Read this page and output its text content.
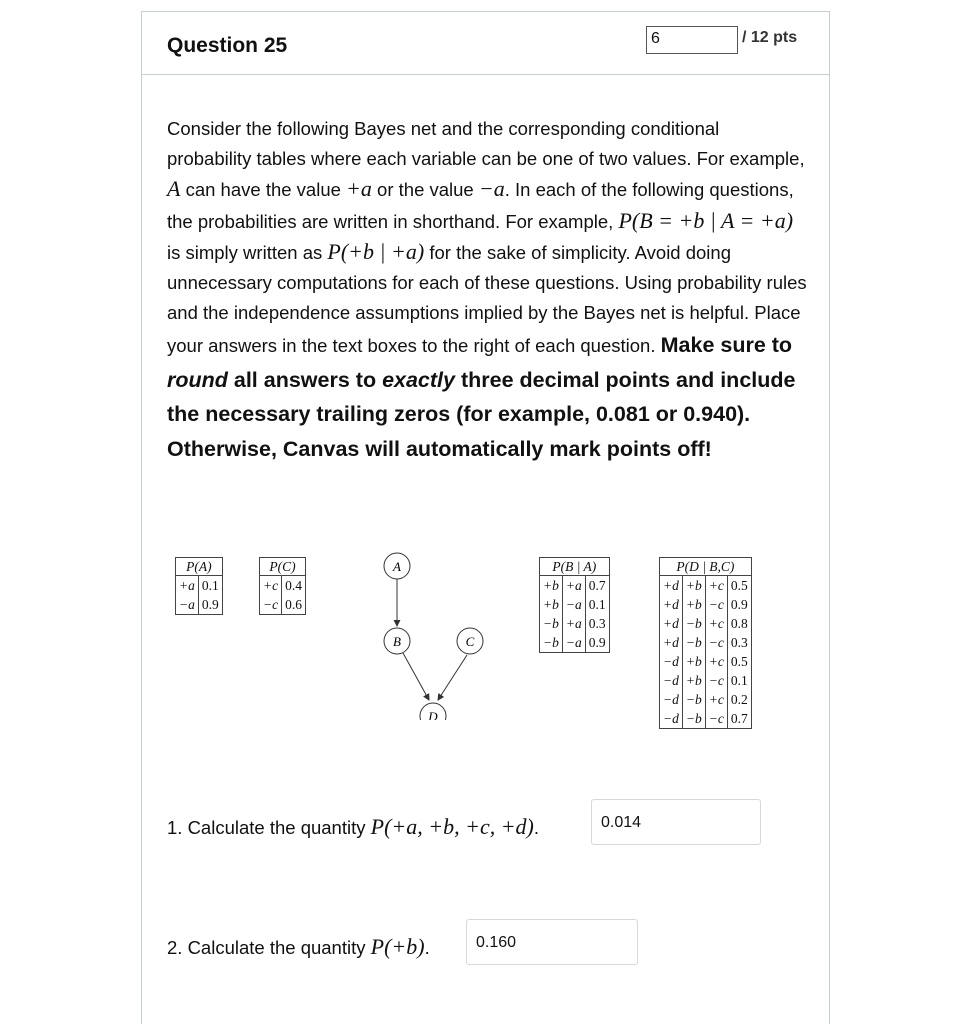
Question 25	6	/ 12 pts
Consider the following Bayes net and the corresponding conditional probability tables where each variable can be one of two values. For example, A can have the value +a or the value −a. In each of the following questions, the probabilities are written in shorthand. For example, P(B = +b | A = +a) is simply written as P(+b | +a) for the sake of simplicity. Avoid doing unnecessary computations for each of these questions. Using probability rules and the independence assumptions implied by the Bayes net is helpful. Place your answers in the text boxes to the right of each question. Make sure to round all answers to exactly three decimal points and include the necessary trailing zeros (for example, 0.081 or 0.940). Otherwise, Canvas will automatically mark points off!
P(A)	
+a	0.1
−a	0.9
P(C)	
+c	0.4
−c	0.6
A
B	C
D
P(B | A)		
+b	+a	0.7
+b	−a	0.1
−b	+a	0.3
−b	−a	0.9
P(D | B,C)			
+d	+b	+c	0.5
+d	+b	−c	0.9
+d	−b	+c	0.8
+d	−b	−c	0.3
−d	+b	+c	0.5
−d	+b	−c	0.1
−d	−b	+c	0.2
−d	−b	−c	0.7
1. Calculate the quantity P(+a, +b, +c, +d).	0.014
2. Calculate the quantity P(+b).	0.160
